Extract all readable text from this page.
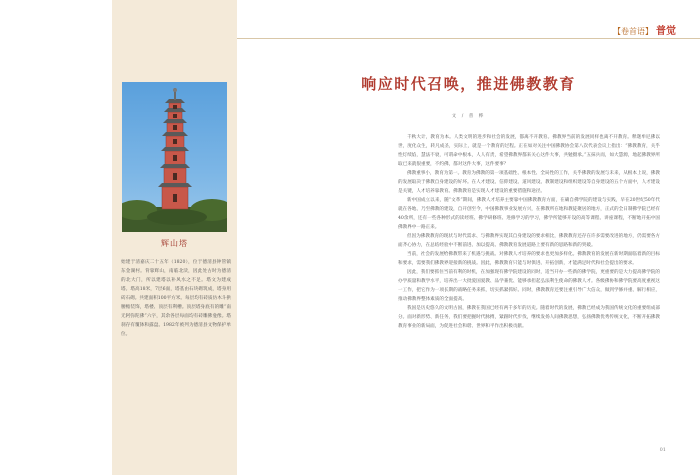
辉山塔
始建于清嘉庆二十五年（1820），位于德清县钟管镇东金湖村。背靠辉山，南临北渎，因此处古时为德清的北大门，所以建塔以补风水之不足。塔文为建成塔。塔高18米，7层6面，塔基由石块砌筑成，塔身用砖石砌。共建面积100平方米。每层均有砖质仿木斗拱腰檐装饰，塔楼、顶层有利槽。顶层塔身底有的雕“南无阿弥陀佛”六字，其余各层每面均有砖雕佛龛像。塔刹存有覆钵和露盘。1982年被列为德清县文物保护单位。
【卷首语】 普觉
响应时代召唤，推进佛教教育
文 / 普 桦

千秋大计，教育为本。人类文明的进步和社会的发展，都离不开教育。佛教界当前的发展同样也离不开教育。释迦牟尼佛以世，度化众生，转凡成圣，实际上，就是一个教育的过程。正在如对关注中国佛教协会第八次代表会议上指出：“佛教教育，关乎性灯续焰，慧法不衰，可谓命中根本，人人有责，希望佛教界都来关心这件大事，共勉摄承。”五抹兵而，如大慧源，地起佛教界所取已来就很重要，不约佛，都对这件大事，这件要事？

佛教重事小，教育为第一。教育为佛教的第一项基础性、根本性、全局性的工作，关乎佛教的发展与未来，从根本上说，佛教的发展取决于佛教自身建设的好坏。在人才建设、信仰建设、道风建设、教制建设和组织建设等自身建设的五个方面中，人才建设是关键，人才培养靠教育。佛教教育是实现人才建设的重要措施和途径。

新中国成立以来，随“文革”期间，佛教人才培养主要靠中国佛教教育方面，在确自佛学院的建设与实践，早在20世纪50年代就在各地、乃至佛教的建设，自开创至今，中国佛教事业发展方兴，在佛教所在地和教徒聚居的地方，正式的全日制佛学院已经有40余所，还有一些各种形式的读经班、佛学研修班、进修学习的学习，佛学所能够开设的高等课程、讲座课程，不断地开拓中国佛教界中一路正来。

但因为佛教教育的现状与时代需求、与佛教界实现其自身建设的要求相比，佛教教育还存在许多需要改进的地方，仍需要各方面齐心协力，在总结经验中不断前进、加以提高。佛教教育发展道路上要有新的思路和新的突破。

当前，社会的发展给佛教带来了机遇与挑战。对佛教人才培养的要求也更加多样化。佛教教育的发展在新时期面临着新的目标和要求，需要我们佛教界迎接新的挑战。因此，佛教教育只能与时俱进、开拓创新，才能满足时代和社会提出的要求。

因此，我们要抓住当前有利的时机，在加强现有佛学院建设的同时，适当开办一些新的佛学院，更重要的是大力提高佛学院的办学质量和教学水平，培养出一大批爱国爱教、品学兼优、能够承担起弘法利生使命的佛教人才。各级佛协和佛学院要高度重视这一工作，把它作为一项长期的战略任务来抓，切实抓紧抓好。同时，佛教教育还要注重引导广大信众，做到学修并重、解行相应，推动佛教界整体素质的全面提高。

我国是历史悠久的文明古国，佛教在我国已经有两千多年的历史。随着时代的发展，佛教已经成为我国传统文化的重要组成部分。面对新形势、新任务，我们要把握时代脉搏，紧跟时代步伐，继续发扬人间佛教思想，弘扬佛教优秀传统文化，不断开拓佛教教育事业的新局面，为促进社会和谐、世界和平作出积极贡献。

01
